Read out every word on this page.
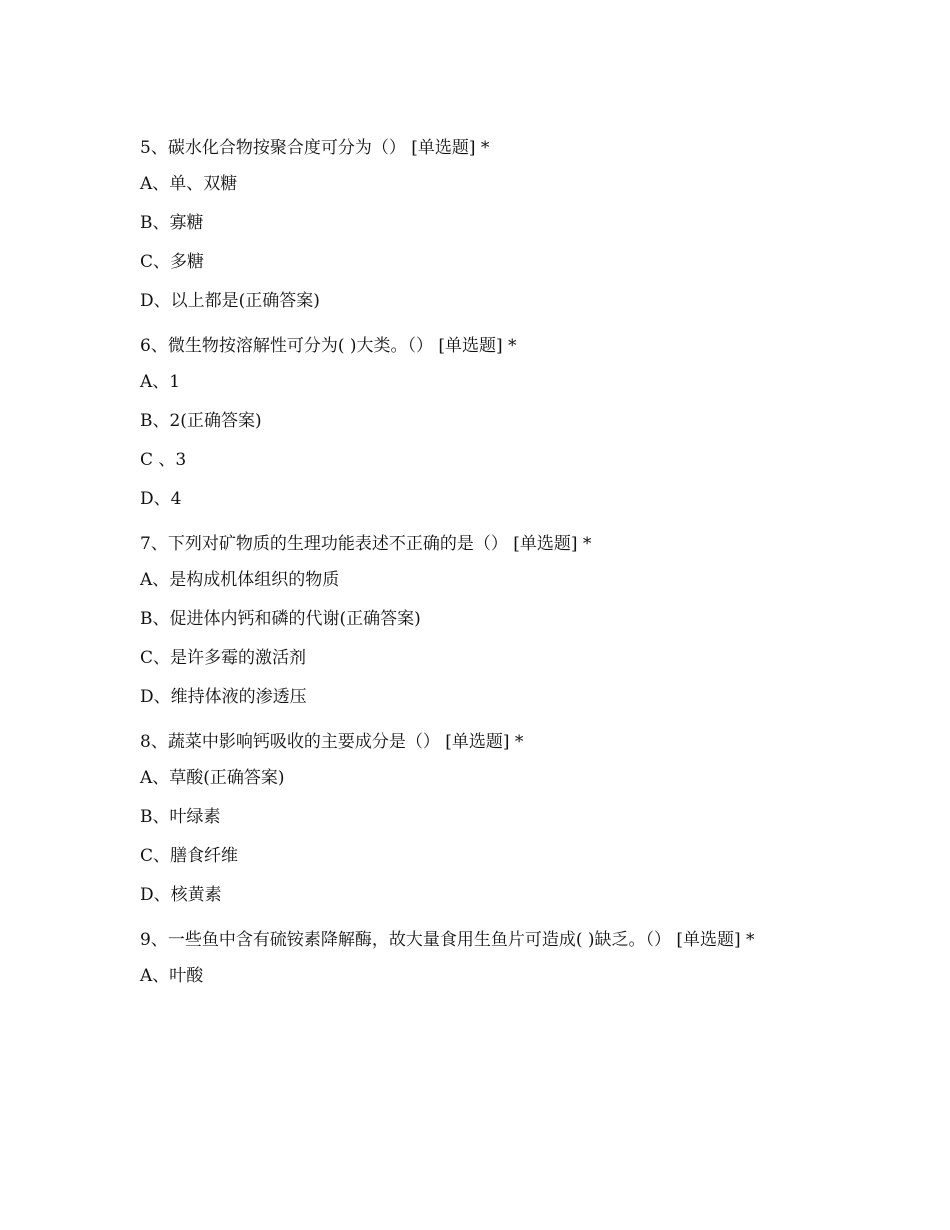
5、碳水化合物按聚合度可分为（） [单选题] *

A、单、双糖

B、寡糖

C、多糖

D、以上都是(正确答案)

6、微生物按溶解性可分为( )大类。（） [单选题] *

A、1

B、2(正确答案)

C 、3

D、4

7、下列对矿物质的生理功能表述不正确的是（） [单选题] *

A、是构成机体组织的物质

B、促进体内钙和磷的代谢(正确答案)

C、是许多霉的激活剂

D、维持体液的渗透压

8、蔬菜中影响钙吸收的主要成分是（） [单选题] *

A、草酸(正确答案)

B、叶绿素

C、膳食纤维

D、核黄素

9、一些鱼中含有硫铵素降解酶，故大量食用生鱼片可造成( )缺乏。（） [单选题] *

A、叶酸
